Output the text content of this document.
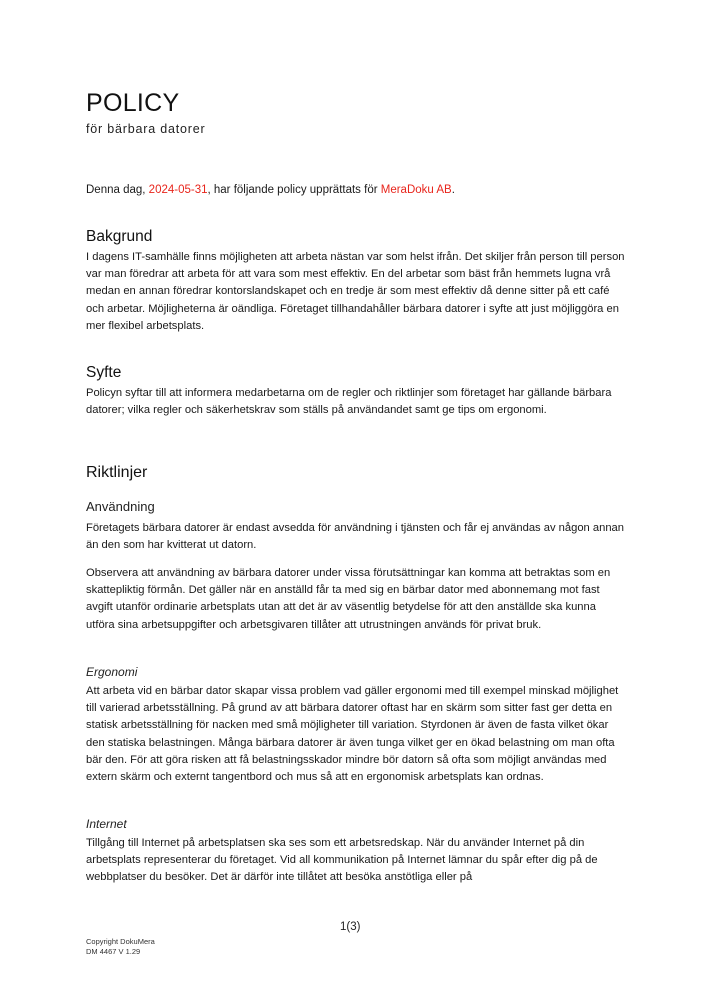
POLICY

för bärbara datorer

Denna dag, 2024-05-31, har följande policy upprättats för MeraDoku AB.

Bakgrund

I dagens IT-samhälle finns möjligheten att arbeta nästan var som helst ifrån. Det skiljer från person till person var man föredrar att arbeta för att vara som mest effektiv. En del arbetar som bäst från hemmets lugna vrå medan en annan föredrar kontorslandskapet och en tredje är som mest effektiv då denne sitter på ett café och arbetar. Möjligheterna är oändliga. Företaget tillhandahåller bärbara datorer i syfte att just möjliggöra en mer flexibel arbetsplats.

Syfte

Policyn syftar till att informera medarbetarna om de regler och riktlinjer som företaget har gällande bärbara datorer; vilka regler och säkerhetskrav som ställs på användandet samt ge tips om ergonomi.

Riktlinjer
Användning

Företagets bärbara datorer är endast avsedda för användning i tjänsten och får ej användas av någon annan än den som har kvitterat ut datorn.

Observera att användning av bärbara datorer under vissa förutsättningar kan komma att betraktas som en skattepliktig förmån. Det gäller när en anställd får ta med sig en bärbar dator med abonnemang mot fast avgift utanför ordinarie arbetsplats utan att det är av väsentlig betydelse för att den anställde ska kunna utföra sina arbetsuppgifter och arbetsgivaren tillåter att utrustningen används för privat bruk.

Ergonomi

Att arbeta vid en bärbar dator skapar vissa problem vad gäller ergonomi med till exempel minskad möjlighet till varierad arbetsställning. På grund av att bärbara datorer oftast har en skärm som sitter fast ger detta en statisk arbetsställning för nacken med små möjligheter till variation. Styrdonen är även de fasta vilket ökar den statiska belastningen. Många bärbara datorer är även tunga vilket ger en ökad belastning om man ofta bär den. För att göra risken att få belastningsskador mindre bör datorn så ofta som möjligt användas med extern skärm och externt tangentbord och mus så att en ergonomisk arbetsplats kan ordnas.

Internet

Tillgång till Internet på arbetsplatsen ska ses som ett arbetsredskap. När du använder Internet på din arbetsplats representerar du företaget. Vid all kommunikation på Internet lämnar du spår efter dig på de webbplatser du besöker. Det är därför inte tillåtet att besöka anstötliga eller på

1(3)
Copyright DokuMera
DM 4467 V 1.29
